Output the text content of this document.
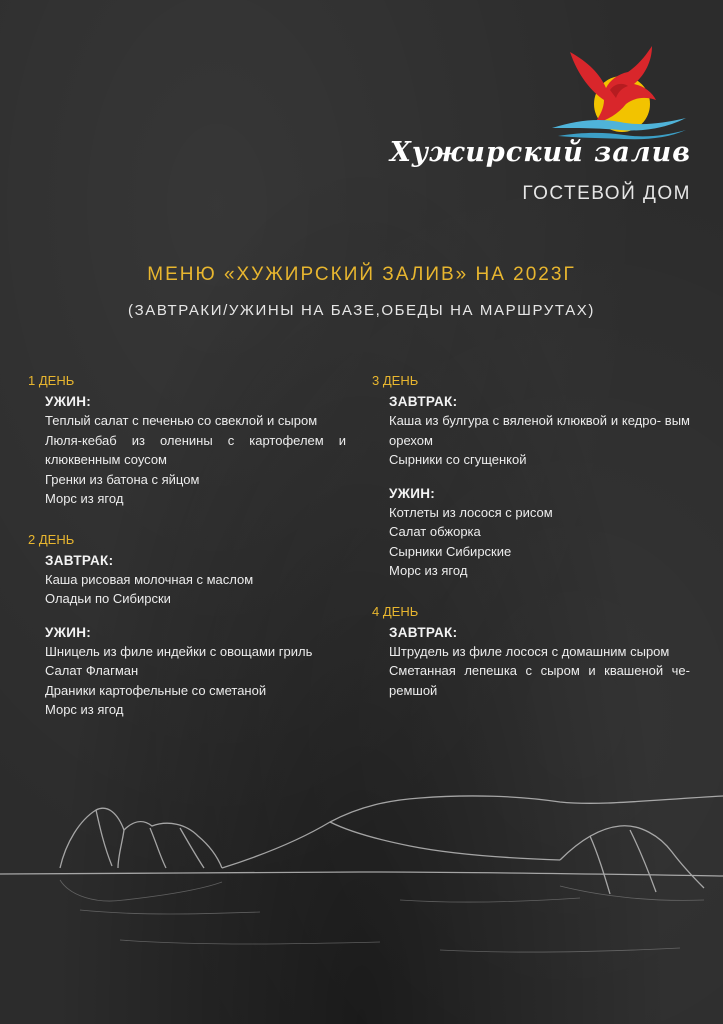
Хужирский залив
ГОСТЕВОЙ ДОМ
МЕНЮ «ХУЖИРСКИЙ ЗАЛИВ» НА 2023Г
(ЗАВТРАКИ/УЖИНЫ НА БАЗЕ,ОБЕДЫ НА МАРШРУТАХ)
1 ДЕНЬ
УЖИН:
Теплый салат с печенью со свеклой и сыром
Люля-кебаб из оленины с картофелем и клюквенным соусом
Гренки из батона с яйцом
Морс из ягод
2 ДЕНЬ
ЗАВТРАК:
Каша рисовая молочная с маслом
Оладьи по Сибирски
УЖИН:
Шницель из филе индейки с овощами гриль
Салат Флагман
Драники картофельные со сметаной
Морс из ягод
3 ДЕНЬ
ЗАВТРАК:
Каша из булгура с вяленой клюквой и кедро- вым орехом
Сырники со сгущенкой
УЖИН:
Котлеты из лосося с рисом
Салат обжорка
Сырники Сибирские
Морс из ягод
4 ДЕНЬ
ЗАВТРАК:
Штрудель из филе лосося с домашним сыром
Сметанная лепешка с сыром и квашеной че- ремшой
